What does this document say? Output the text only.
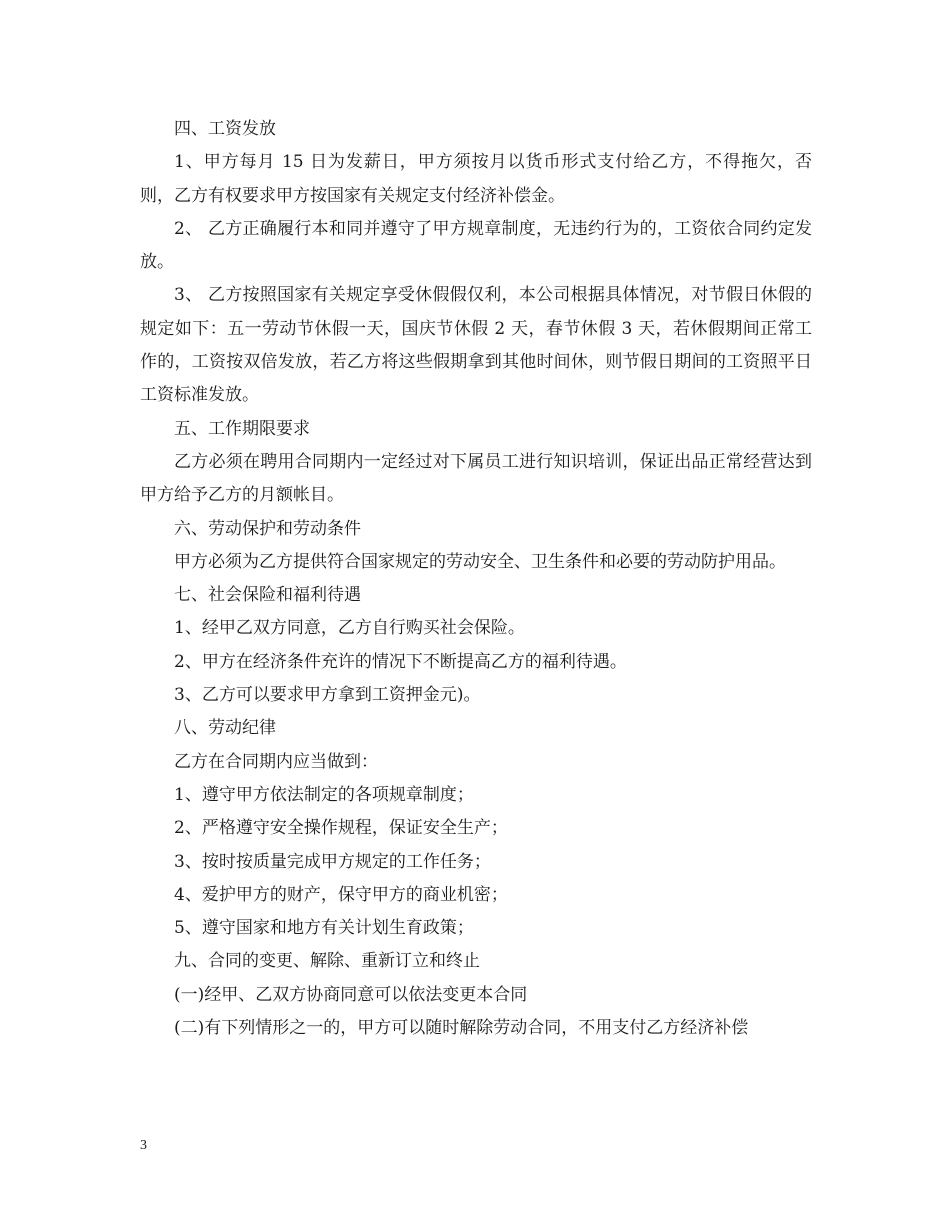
四、工资发放

1、甲方每月 15 日为发薪日，甲方须按月以货币形式支付给乙方，不得拖欠，否则，乙方有权要求甲方按国家有关规定支付经济补偿金。

2、 乙方正确履行本和同并遵守了甲方规章制度，无违约行为的，工资依合同约定发放。

3、 乙方按照国家有关规定享受休假假仅利，本公司根据具体情况，对节假日休假的规定如下：五一劳动节休假一天，国庆节休假 2 天，春节休假 3 天，若休假期间正常工作的，工资按双倍发放，若乙方将这些假期拿到其他时间休，则节假日期间的工资照平日工资标准发放。

五、工作期限要求

乙方必须在聘用合同期内一定经过对下属员工进行知识培训，保证出品正常经营达到甲方给予乙方的月额帐目。

六、劳动保护和劳动条件

甲方必须为乙方提供符合国家规定的劳动安全、卫生条件和必要的劳动防护用品。

七、社会保险和福利待遇

1、经甲乙双方同意，乙方自行购买社会保险。

2、甲方在经济条件充许的情况下不断提高乙方的福利待遇。

3、乙方可以要求甲方拿到工资押金元)。

八、劳动纪律

乙方在合同期内应当做到：

1、遵守甲方依法制定的各项规章制度；

2、严格遵守安全操作规程，保证安全生产；

3、按时按质量完成甲方规定的工作任务；

4、爱护甲方的财产，保守甲方的商业机密；

5、遵守国家和地方有关计划生育政策；

九、合同的变更、解除、重新订立和终止

(一)经甲、乙双方协商同意可以依法变更本合同

(二)有下列情形之一的，甲方可以随时解除劳动合同，不用支付乙方经济补偿

3
